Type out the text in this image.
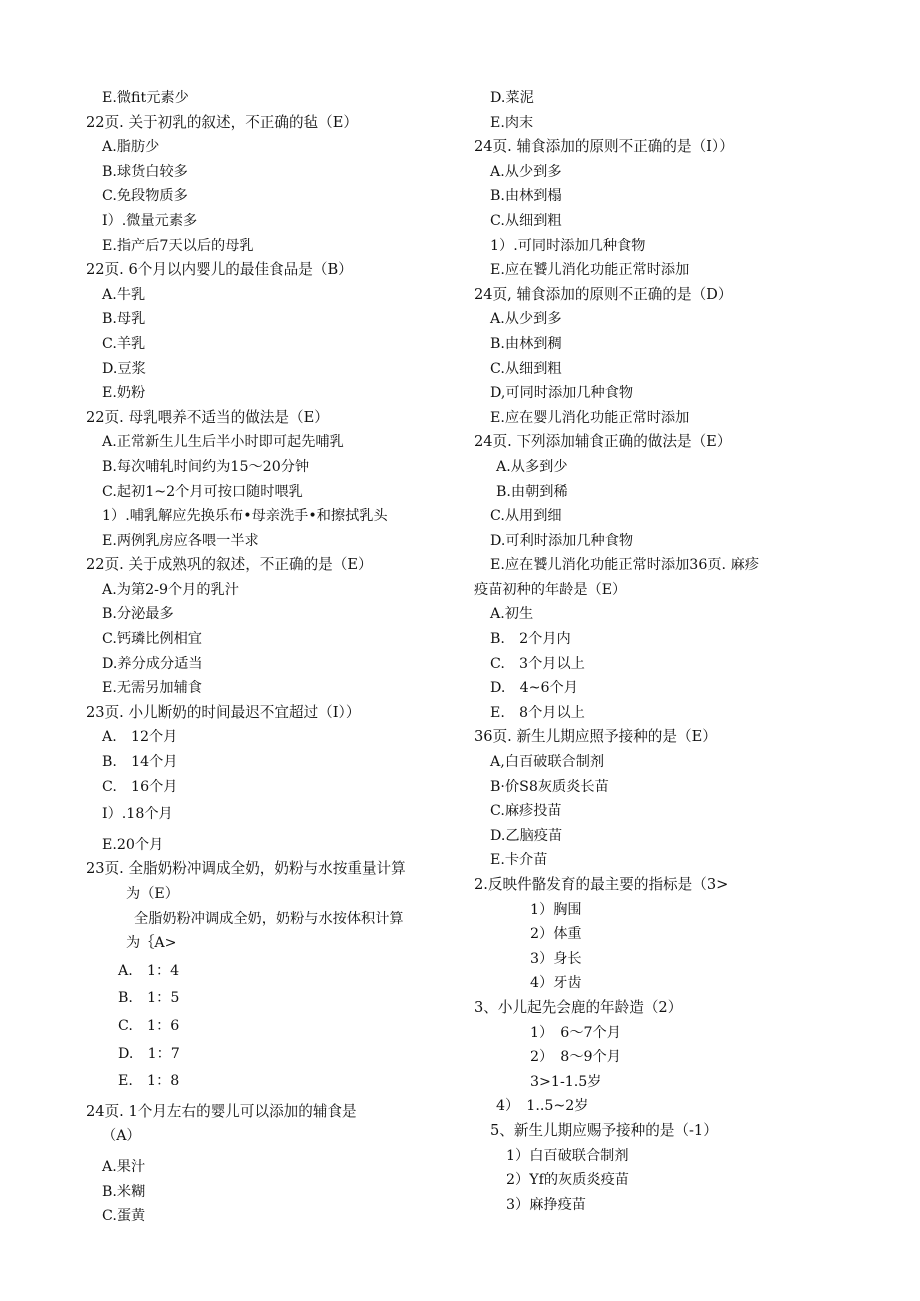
E.微fit元素少
22页. 关于初乳的叙述，不正确的毡（E）
A.脂肪少
B.球货白较多
C.免段物质多
I）.微量元素多
E.指产后7天以后的母乳
22页. 6个月以内婴儿的最佳食品是（B）
A.牛乳
B.母乳
C.羊乳
D.豆浆
E.奶粉
22页. 母乳喂养不适当的做法是（E）
A.正常新生儿生后半小时即可起先哺乳
B.每次哺轧时间约为15～20分钟
C.起初1~2个月可按口随时喂乳
1）.哺乳解应先换乐布•母亲洗手•和擦拭乳头
E.两例乳房应各喂一半求
22页. 关于成熟巩的叙述，不正确的是（E）
A.为第2-9个月的乳汁
B.分泌最多
C.钙璘比例相宜
D.养分成分适当
E.无需另加辅食
23页. 小儿断奶的时间最迟不宜超过（I））
A.　12个月
B.　14个月
C.　16个月
I）.18个月
E.20个月
23页. 全脂奶粉冲调成全奶，奶粉与水按重量计算
为（E）
全脂奶粉冲调成全奶，奶粉与水按体积计算
为｛A>
A.　1：4
B.　1：5
C.　1：6
D.　1：7
E.　1：8
24页. 1个月左右的婴儿可以添加的辅食是
（A）
A.果汁
B.米糊
C.蛋黄
D.菜泥
E.肉末
24页. 辅食添加的原则不正确的是（I））
A.从少到多
B.由林到榻
C.从细到粗
1）.可同时添加几种食物
E.应在饕儿消化功能正常时添加
24页, 辅食添加的原则不正确的是（D）
A.从少到多
B.由林到稠
C.从细到粗
D,可同时添加几种食物
E.应在婴儿消化功能正常时添加
24页. 下列添加辅食正确的做法是（E）
A.从多到少
B.由朝到稀
C.从用到细
D.可利时添加几种食物
E.应在饕儿消化功能正常时添加36页. 麻疹
疫苗初种的年龄是（E）
A.初生
B.　2个月内
C.　3个月以上
D.　4~6个月
E.　8个月以上
36页. 新生儿期应照予接种的是（E）
A,白百破联合制剂
B·价S8灰质炎长苗
C.麻疹投苗
D.乙脑疫苗
E.卡介苗
2.反映件骼发育的最主要的指标是（3>
1）胸围
2）体重
3）身长
4）牙齿
3、小儿起先会鹿的年龄造（2）
1）　6～7个月
2）　8～9个月
3>1-1.5岁
4）　1..5~2岁
5、新生儿期应赐予接种的是（-1）
1）白百破联合制剂
2）Yf的灰质炎疫苗
3）麻挣疫苗
